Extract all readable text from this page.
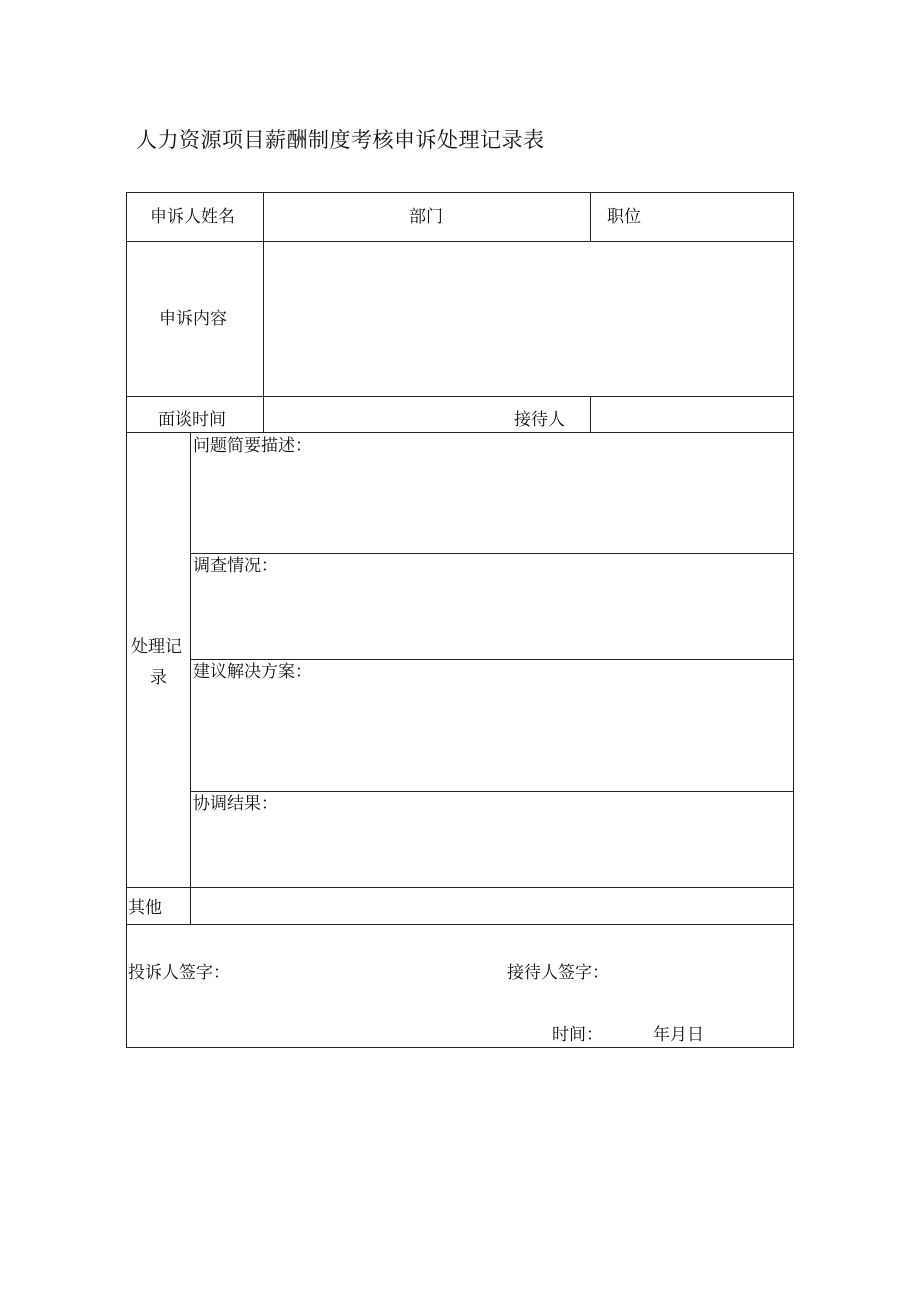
人力资源项目薪酬制度考核申诉处理记录表
申诉人姓名	部门	职位
申诉内容
面谈时间	接待人
处理记
录
问题简要描述：
调查情况：
建议解决方案：
协调结果：
其他
投诉人签字：	接待人签字：
时间：	年月日
